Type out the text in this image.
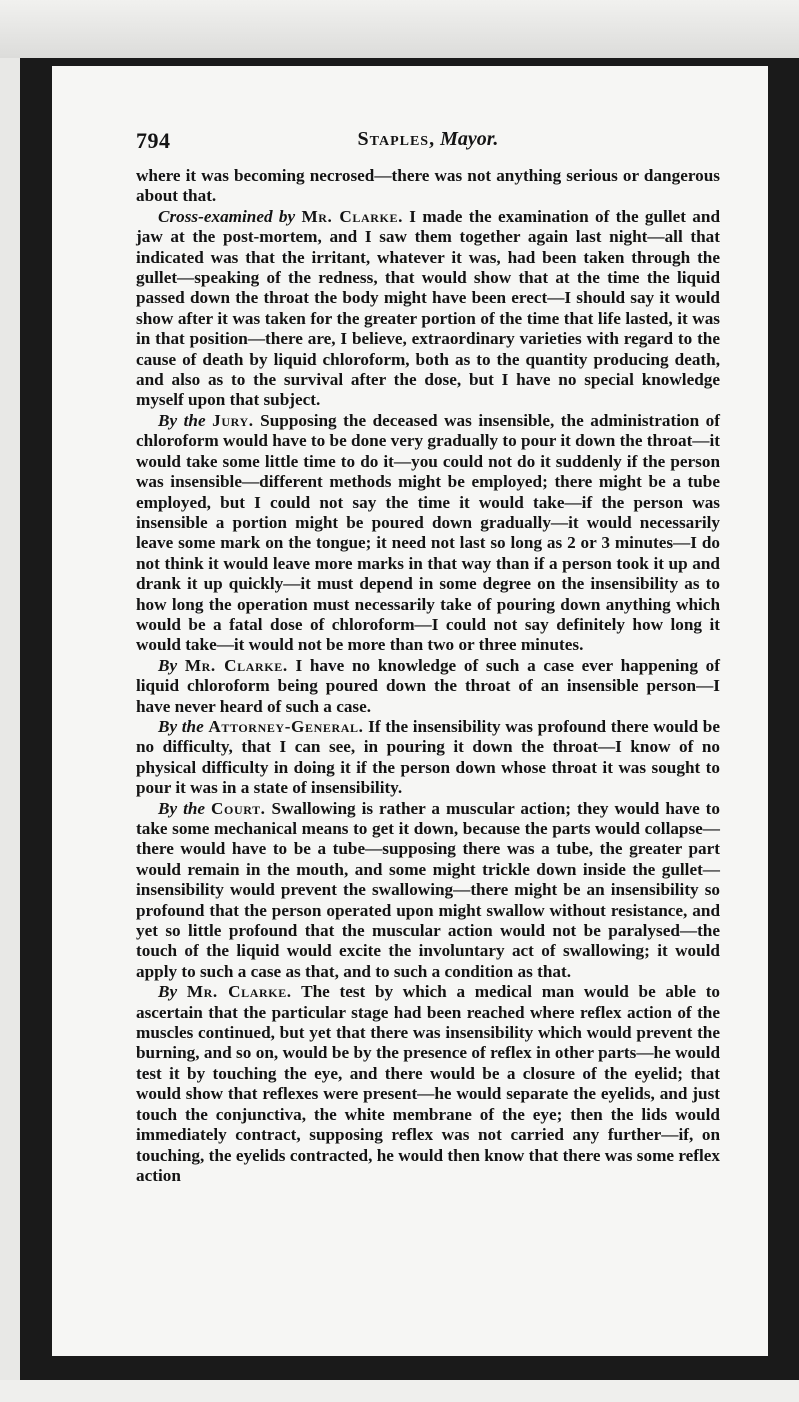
794	Staples, Mayor.

where it was becoming necrosed—there was not anything serious or dangerous about that.

Cross-examined by Mr. Clarke. I made the examination of the gullet and jaw at the post-mortem, and I saw them together again last night—all that indicated was that the irritant, whatever it was, had been taken through the gullet—speaking of the redness, that would show that at the time the liquid passed down the throat the body might have been erect—I should say it would show after it was taken for the greater portion of the time that life lasted, it was in that position—there are, I believe, extraordinary varieties with regard to the cause of death by liquid chloroform, both as to the quantity producing death, and also as to the survival after the dose, but I have no special knowledge myself upon that subject.

By the Jury. Supposing the deceased was insensible, the administration of chloroform would have to be done very gradually to pour it down the throat—it would take some little time to do it—you could not do it suddenly if the person was insensible—different methods might be employed; there might be a tube employed, but I could not say the time it would take—if the person was insensible a portion might be poured down gradually—it would necessarily leave some mark on the tongue; it need not last so long as 2 or 3 minutes—I do not think it would leave more marks in that way than if a person took it up and drank it up quickly—it must depend in some degree on the insensibility as to how long the operation must necessarily take of pouring down anything which would be a fatal dose of chloroform—I could not say definitely how long it would take—it would not be more than two or three minutes.

By Mr. Clarke. I have no knowledge of such a case ever happening of liquid chloroform being poured down the throat of an insensible person—I have never heard of such a case.

By the Attorney-General. If the insensibility was profound there would be no difficulty, that I can see, in pouring it down the throat—I know of no physical difficulty in doing it if the person down whose throat it was sought to pour it was in a state of insensibility.

By the Court. Swallowing is rather a muscular action; they would have to take some mechanical means to get it down, because the parts would collapse—there would have to be a tube—supposing there was a tube, the greater part would remain in the mouth, and some might trickle down inside the gullet—insensibility would prevent the swallowing—there might be an insensibility so profound that the person operated upon might swallow without resistance, and yet so little profound that the muscular action would not be paralysed—the touch of the liquid would excite the involuntary act of swallowing; it would apply to such a case as that, and to such a condition as that.

By Mr. Clarke. The test by which a medical man would be able to ascertain that the particular stage had been reached where reflex action of the muscles continued, but yet that there was insensibility which would prevent the burning, and so on, would be by the presence of reflex in other parts—he would test it by touching the eye, and there would be a closure of the eyelid; that would show that reflexes were present—he would separate the eyelids, and just touch the conjunctiva, the white membrane of the eye; then the lids would immediately contract, supposing reflex was not carried any further—if, on touching, the eyelids contracted, he would then know that there was some reflex action
